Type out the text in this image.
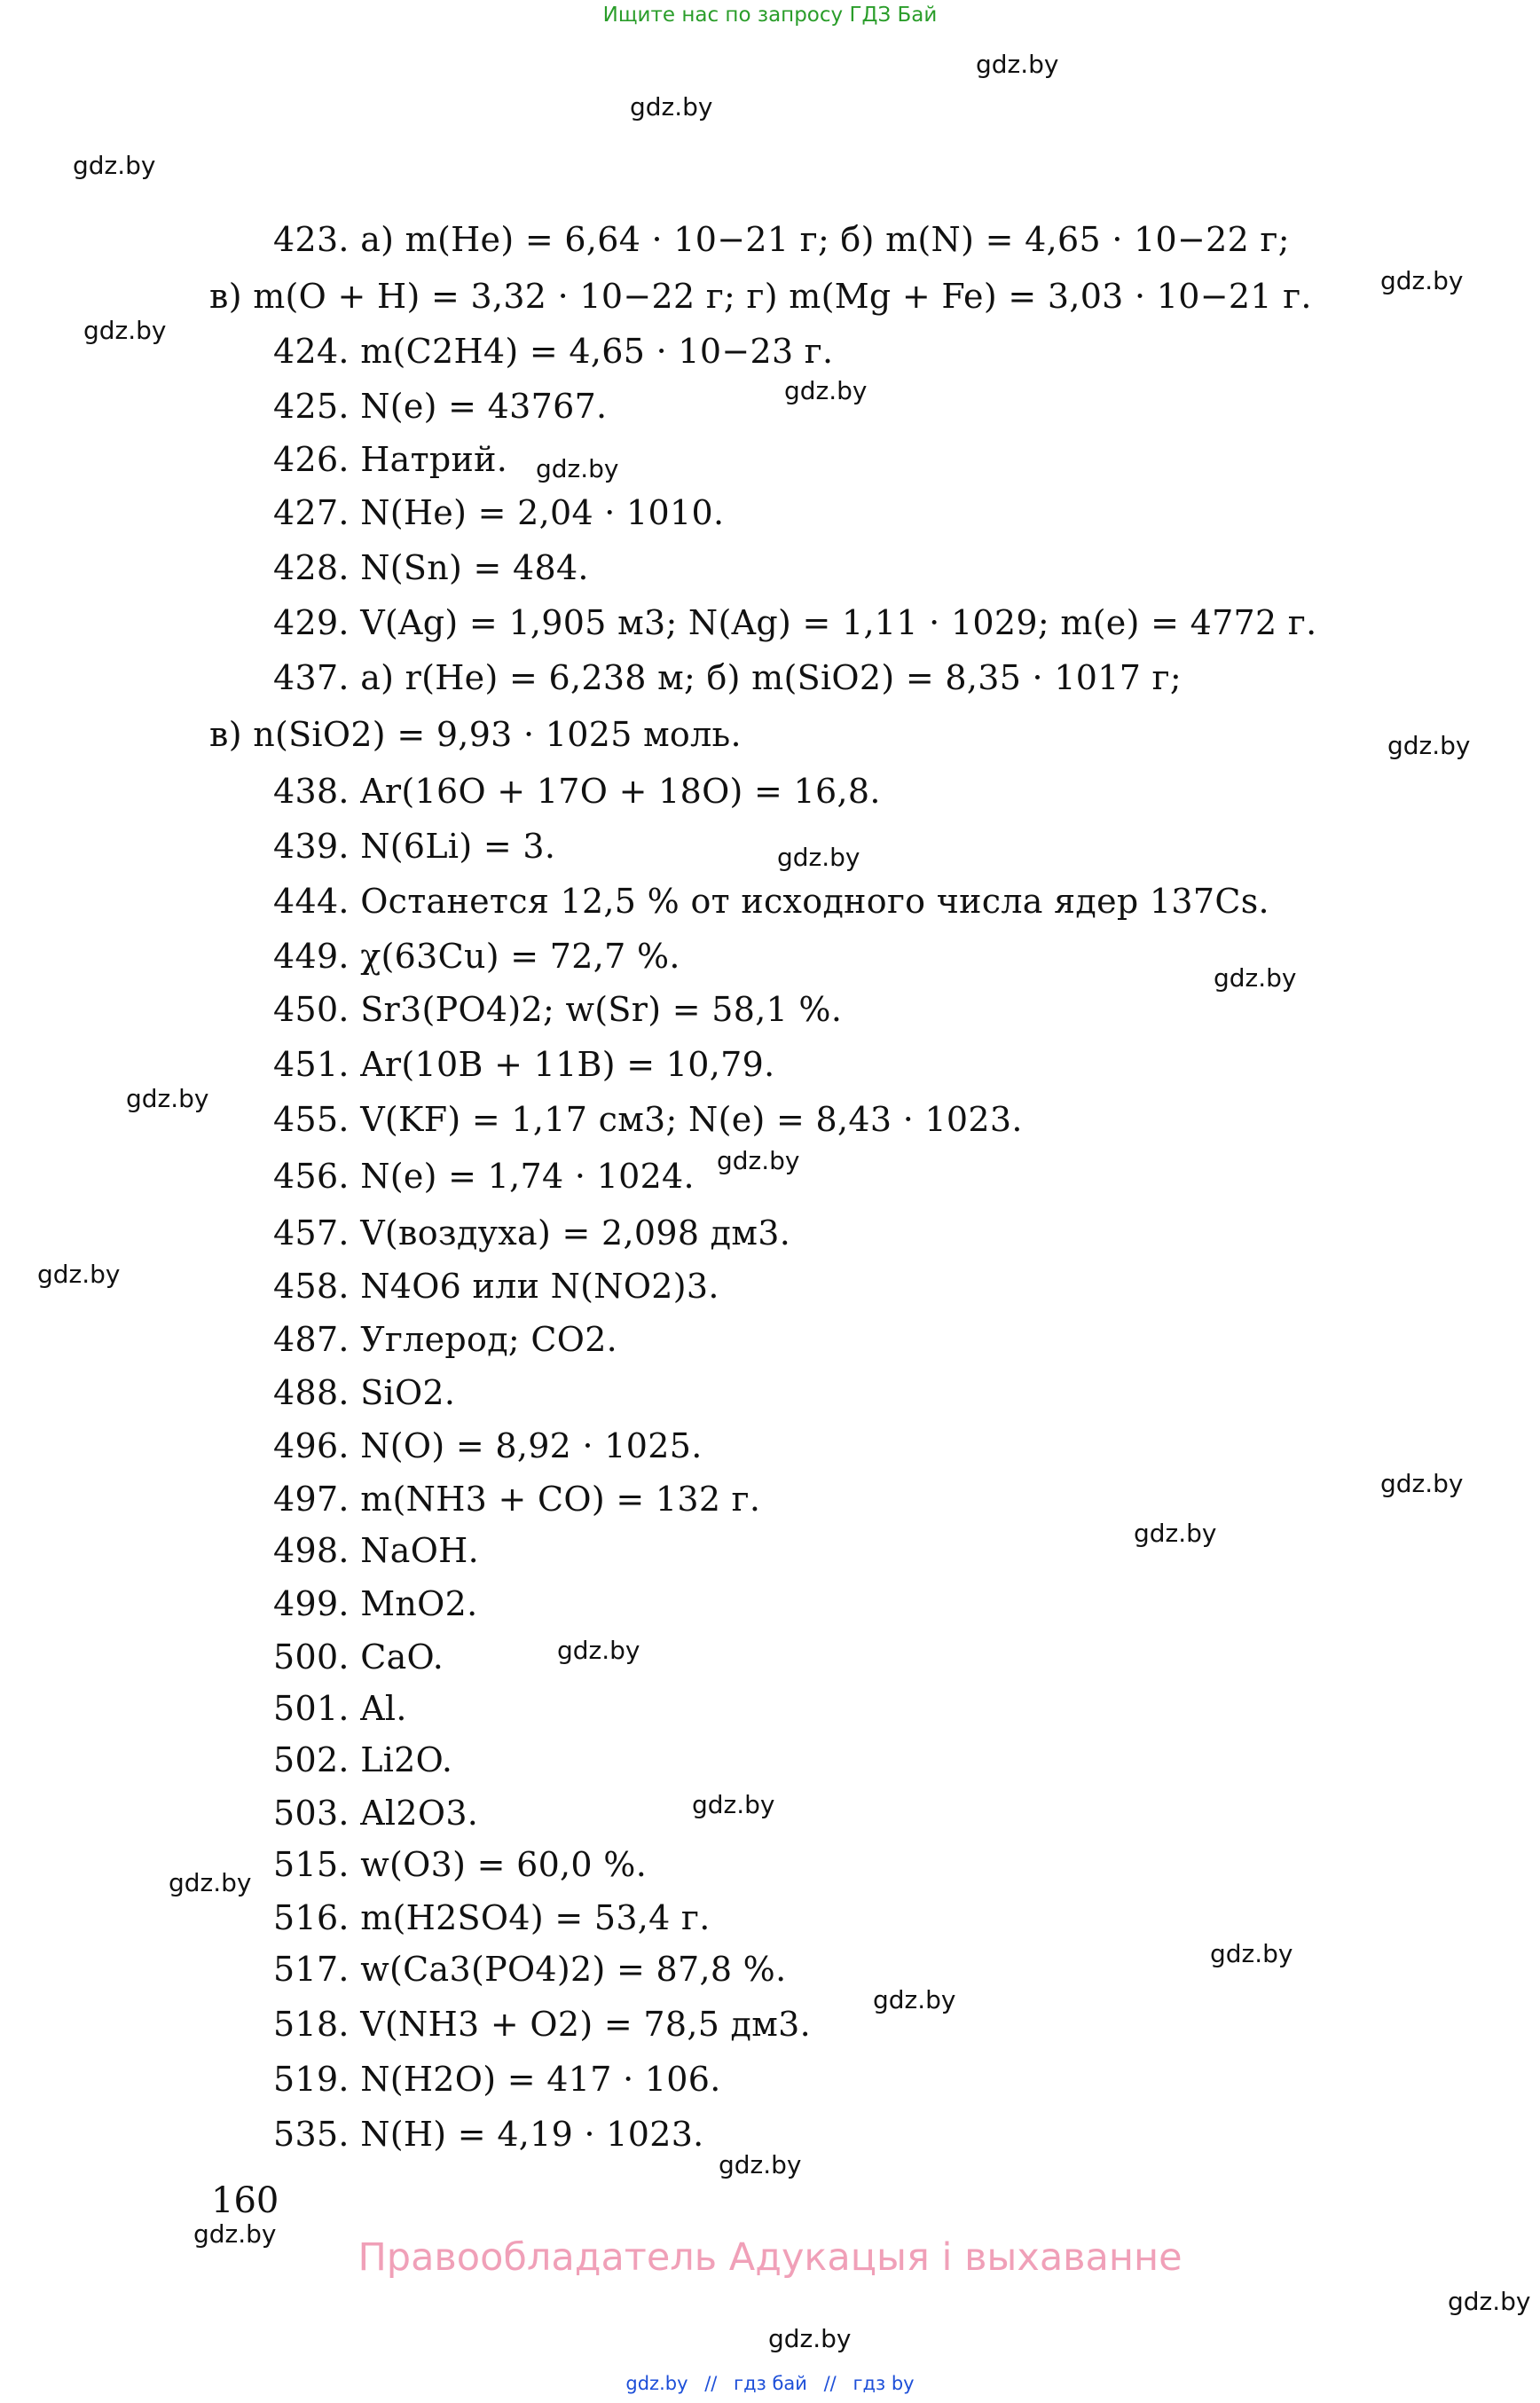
Ищите нас по запросу ГДЗ Бай
gdz.by
gdz.by
gdz.by
gdz.by
gdz.by
gdz.by
gdz.by
gdz.by
gdz.by
gdz.by
gdz.by
gdz.by
gdz.by
gdz.by
gdz.by
gdz.by
gdz.by
gdz.by
gdz.by
gdz.by
gdz.by
gdz.by
gdz.by
gdz.by
423. а) m(He) = 6,64 · 10−21 г; б) m(N) = 4,65 · 10−22 г;
в) m(O + H) = 3,32 · 10−22 г; г) m(Mg + Fe) = 3,03 · 10−21 г.
424. m(C2H4) = 4,65 · 10−23 г.
425. N(e) = 43767.
426. Натрий.
427. N(He) = 2,04 · 1010.
428. N(Sn) = 484.
429. V(Ag) = 1,905 м3; N(Ag) = 1,11 · 1029; m(e) = 4772 г.
437. а) r(He) = 6,238 м; б) m(SiO2) = 8,35 · 1017 г;
в) n(SiO2) = 9,93 · 1025 моль.
438. Ar(16O + 17O + 18O) = 16,8.
439. N(6Li) = 3.
444. Останется 12,5 % от исходного числа ядер 137Cs.
449. χ(63Cu) = 72,7 %.
450. Sr3(PO4)2; w(Sr) = 58,1 %.
451. Ar(10B + 11B) = 10,79.
455. V(KF) = 1,17 см3; N(e) = 8,43 · 1023.
456. N(e) = 1,74 · 1024.
457. V(воздуха) = 2,098 дм3.
458. N4O6 или N(NO2)3.
487. Углерод; CO2.
488. SiO2.
496. N(O) = 8,92 · 1025.
497. m(NH3 + CO) = 132 г.
498. NaOH.
499. MnO2.
500. CaO.
501. Al.
502. Li2O.
503. Al2O3.
515. w(O3) = 60,0 %.
516. m(H2SO4) = 53,4 г.
517. w(Ca3(PO4)2) = 87,8 %.
518. V(NH3 + O2) = 78,5 дм3.
519. N(H2O) = 417 · 106.
535. N(H) = 4,19 · 1023.
160
Правообладатель Адукацыя і выхаванне
gdz.by // гдз бай // гдз by
